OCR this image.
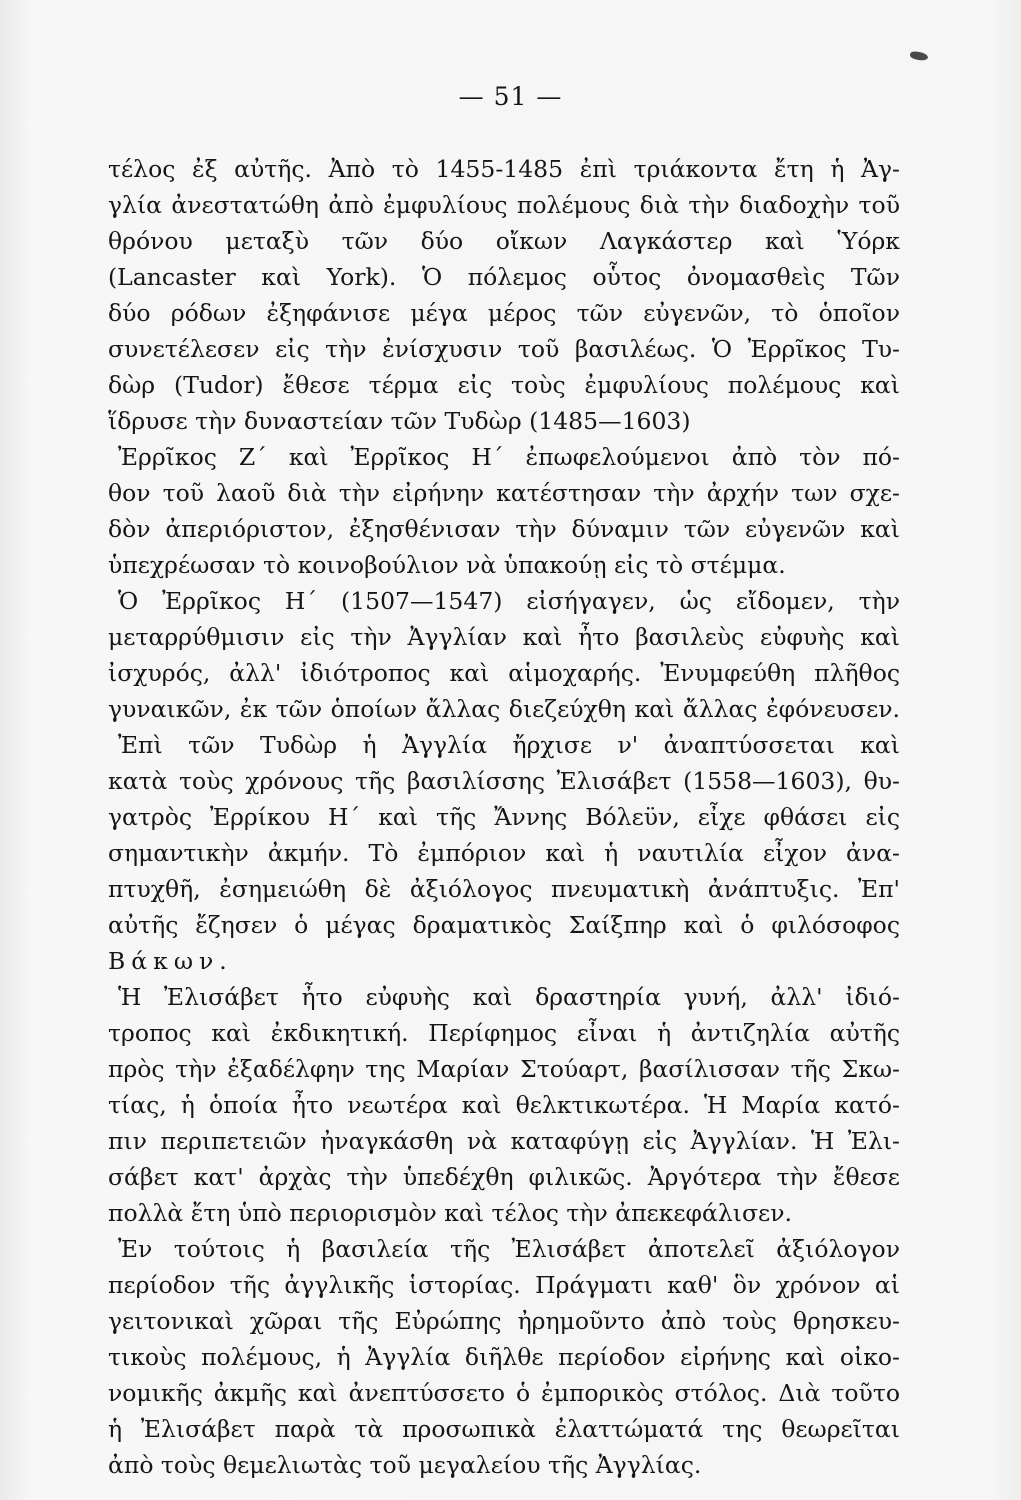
— 51 —
τέλος ἐξ αὐτῆς. Ἀπὸ τὸ 1455-1485 ἐπὶ τριάκοντα ἔτη ἡ Ἀγ-
γλία ἀνεστατώθη ἀπὸ ἐμφυλίους πολέμους διὰ τὴν διαδοχὴν τοῦ
θρόνου μεταξὺ τῶν δύο οἴκων Λαγκάστερ καὶ Ὑόρκ
(Lancaster καὶ York). Ὁ πόλεμος οὗτος ὀνομασθεὶς Τῶν
δύο ρόδων ἐξηφάνισε μέγα μέρος τῶν εὐγενῶν, τὸ ὁποῖον
συνετέλεσεν εἰς τὴν ἐνίσχυσιν τοῦ βασιλέως. Ὁ Ἐρρῖκος Τυ-
δὼρ (Tudor) ἔθεσε τέρμα εἰς τοὺς ἐμφυλίους πολέμους καὶ
ἵδρυσε τὴν δυναστείαν τῶν Τυδὼρ (1485—1603)
Ἐρρῖκος Ζ΄ καὶ Ἐρρῖκος Η΄ ἐπωφελούμενοι ἀπὸ τὸν πό-
θον τοῦ λαοῦ διὰ τὴν εἰρήνην κατέστησαν τὴν ἀρχήν των σχε-
δὸν ἀπεριόριστον, ἐξησθένισαν τὴν δύναμιν τῶν εὐγενῶν καὶ
ὑπεχρέωσαν τὸ κοινοβούλιον νὰ ὑπακούῃ εἰς τὸ στέμμα.
Ὁ Ἐρρῖκος Η΄ (1507—1547) εἰσήγαγεν, ὡς εἴδομεν, τὴν
μεταρρύθμισιν εἰς τὴν Ἀγγλίαν καὶ ἦτο βασιλεὺς εὐφυὴς καὶ
ἰσχυρός, ἀλλ' ἰδιότροπος καὶ αἱμοχαρής. Ἐνυμφεύθη πλῆθος
γυναικῶν, ἐκ τῶν ὁποίων ἄλλας διεζεύχθη καὶ ἄλλας ἐφόνευσεν.
Ἐπὶ τῶν Τυδὼρ ἡ Ἀγγλία ἤρχισε ν' ἀναπτύσσεται καὶ
κατὰ τοὺς χρόνους τῆς βασιλίσσης Ἐλισάβετ (1558—1603), θυ-
γατρὸς Ἐρρίκου Η΄ καὶ τῆς Ἄννης Βόλεϋν, εἶχε φθάσει εἰς
σημαντικὴν ἀκμήν. Τὸ ἐμπόριον καὶ ἡ ναυτιλία εἶχον ἀνα-
πτυχθῆ, ἐσημειώθη δὲ ἀξιόλογος πνευματικὴ ἀνάπτυξις. Ἐπ'
αὐτῆς ἔζησεν ὁ μέγας δραματικὸς Σαίξπηρ καὶ ὁ φιλόσοφος
Βάκων.
Ἡ Ἐλισάβετ ἦτο εὐφυὴς καὶ δραστηρία γυνή, ἀλλ' ἰδιό-
τροπος καὶ ἐκδικητική. Περίφημος εἶναι ἡ ἀντιζηλία αὐτῆς
πρὸς τὴν ἐξαδέλφην της Μαρίαν Στούαρτ, βασίλισσαν τῆς Σκω-
τίας, ἡ ὁποία ἦτο νεωτέρα καὶ θελκτικωτέρα. Ἡ Μαρία κατό-
πιν περιπετειῶν ἠναγκάσθη νὰ καταφύγῃ εἰς Ἀγγλίαν. Ἡ Ἐλι-
σάβετ κατ' ἀρχὰς τὴν ὑπεδέχθη φιλικῶς. Ἀργότερα τὴν ἔθεσε
πολλὰ ἔτη ὑπὸ περιορισμὸν καὶ τέλος τὴν ἀπεκεφάλισεν.
Ἐν τούτοις ἡ βασιλεία τῆς Ἐλισάβετ ἀποτελεῖ ἀξιόλογον
περίοδον τῆς ἀγγλικῆς ἱστορίας. Πράγματι καθ' ὃν χρόνον αἱ
γειτονικαὶ χῶραι τῆς Εὐρώπης ἠρημοῦντο ἀπὸ τοὺς θρησκευ-
τικοὺς πολέμους, ἡ Ἀγγλία διῆλθε περίοδον εἰρήνης καὶ οἰκο-
νομικῆς ἀκμῆς καὶ ἀνεπτύσσετο ὁ ἐμπορικὸς στόλος. Διὰ τοῦτο
ἡ Ἐλισάβετ παρὰ τὰ προσωπικὰ ἐλαττώματά της θεωρεῖται
ἀπὸ τοὺς θεμελιωτὰς τοῦ μεγαλείου τῆς Ἀγγλίας.
